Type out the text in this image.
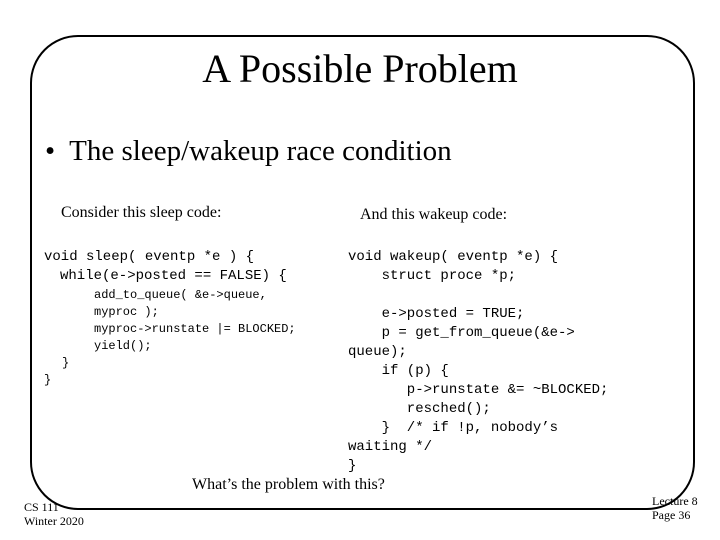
A Possible Problem
• The sleep/wakeup race condition
Consider this sleep code:	And this wakeup code:
void sleep( eventp *e ) {
while(e->posted == FALSE) {
add_to_queue( &e->queue,
myproc );
myproc->runstate |= BLOCKED;
yield();
}
}
void wakeup( eventp *e) {
struct proce *p;

e->posted = TRUE;
p = get_from_queue(&e->
queue);
if (p) {
p->runstate &= ~BLOCKED;
resched();
}  /* if !p, nobody’s
waiting */
}
What’s the problem with this?
CS 111
Winter 2020
Lecture 8
Page 36
